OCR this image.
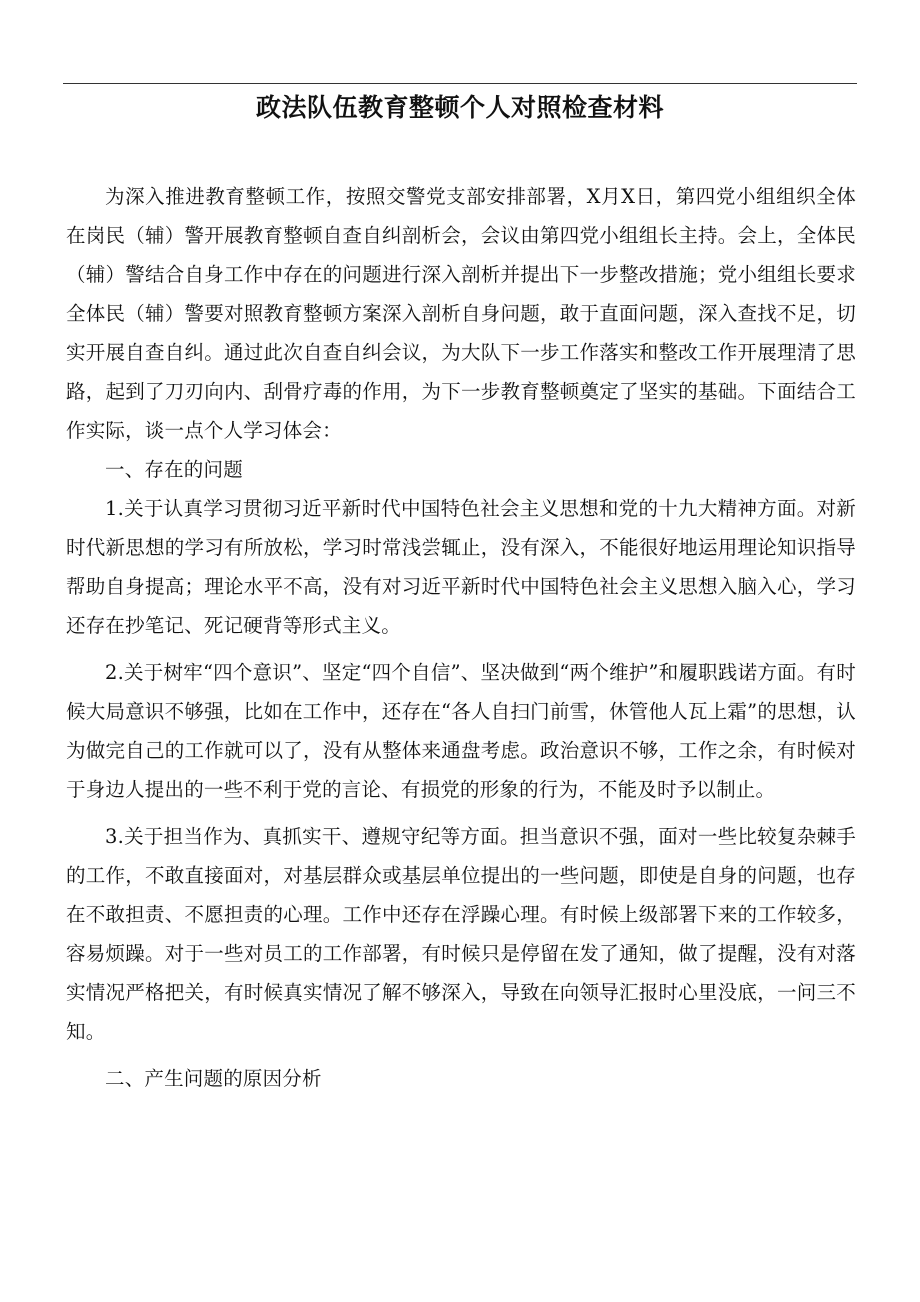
政法队伍教育整顿个人对照检查材料

为深入推进教育整顿工作，按照交警党支部安排部署，X月X日，第四党小组组织全体在岗民（辅）警开展教育整顿自查自纠剖析会，会议由第四党小组组长主持。会上，全体民（辅）警结合自身工作中存在的问题进行深入剖析并提出下一步整改措施；党小组组长要求全体民（辅）警要对照教育整顿方案深入剖析自身问题，敢于直面问题，深入查找不足，切实开展自查自纠。通过此次自查自纠会议，为大队下一步工作落实和整改工作开展理清了思路，起到了刀刃向内、刮骨疗毒的作用，为下一步教育整顿奠定了坚实的基础。下面结合工作实际，谈一点个人学习体会：

一、存在的问题

1.关于认真学习贯彻习近平新时代中国特色社会主义思想和党的十九大精神方面。对新时代新思想的学习有所放松，学习时常浅尝辄止，没有深入，不能很好地运用理论知识指导帮助自身提高；理论水平不高，没有对习近平新时代中国特色社会主义思想入脑入心，学习还存在抄笔记、死记硬背等形式主义。

2.关于树牢“四个意识”、坚定“四个自信”、坚决做到“两个维护”和履职践诺方面。有时候大局意识不够强，比如在工作中，还存在“各人自扫门前雪，休管他人瓦上霜”的思想，认为做完自己的工作就可以了，没有从整体来通盘考虑。政治意识不够，工作之余，有时候对于身边人提出的一些不利于党的言论、有损党的形象的行为，不能及时予以制止。

3.关于担当作为、真抓实干、遵规守纪等方面。担当意识不强，面对一些比较复杂棘手的工作，不敢直接面对，对基层群众或基层单位提出的一些问题，即使是自身的问题，也存在不敢担责、不愿担责的心理。工作中还存在浮躁心理。有时候上级部署下来的工作较多，容易烦躁。对于一些对员工的工作部署，有时候只是停留在发了通知，做了提醒，没有对落实情况严格把关，有时候真实情况了解不够深入，导致在向领导汇报时心里没底，一问三不知。

二、产生问题的原因分析
